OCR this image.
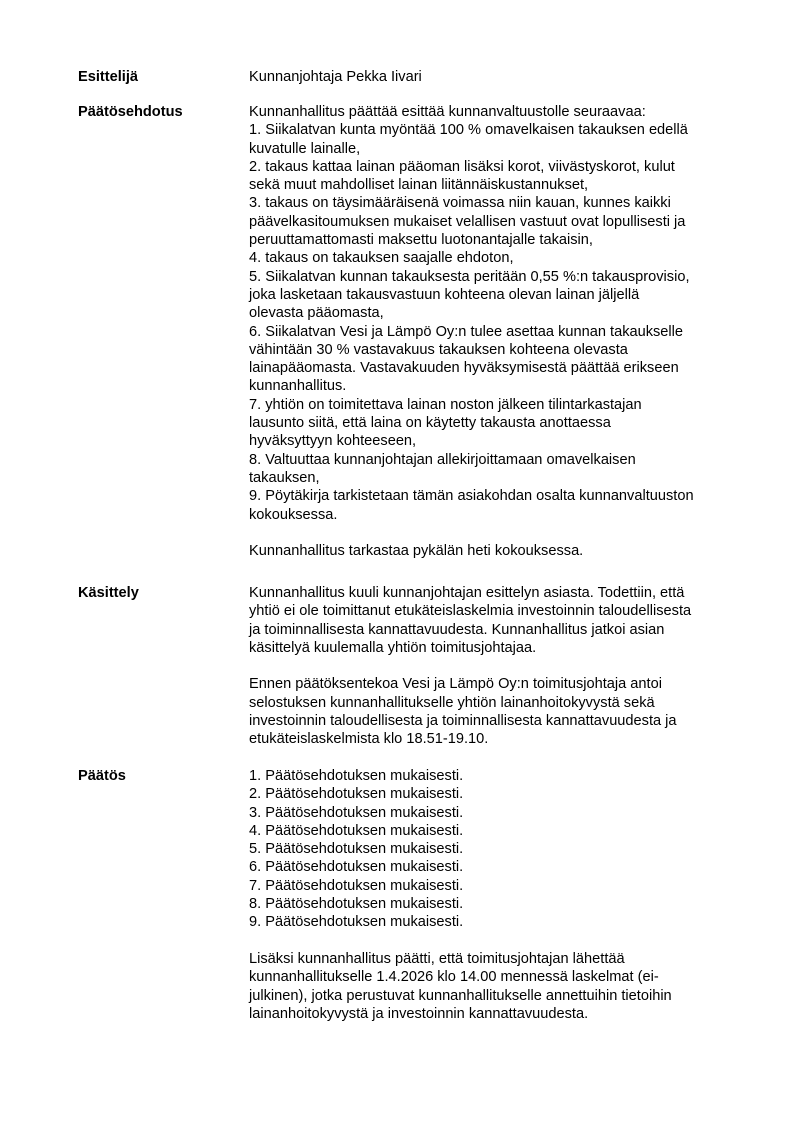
Esittelijä	Kunnanjohtaja Pekka Iivari
Päätösehdotus	Kunnanhallitus päättää esittää kunnanvaltuustolle seuraavaa:
1. Siikalatvan kunta myöntää 100 % omavelkaisen takauksen edellä
kuvatulle lainalle,
2. takaus kattaa lainan pääoman lisäksi korot, viivästyskorot, kulut
sekä muut mahdolliset lainan liitännäiskustannukset,
3. takaus on täysimääräisenä voimassa niin kauan, kunnes kaikki
päävelkasitoumuksen mukaiset velallisen vastuut ovat lopullisesti ja
peruuttamattomasti maksettu luotonantajalle takaisin,
4. takaus on takauksen saajalle ehdoton,
5. Siikalatvan kunnan takauksesta peritään 0,55 %:n takausprovisio,
joka lasketaan takausvastuun kohteena olevan lainan jäljellä
olevasta pääomasta,
6. Siikalatvan Vesi ja Lämpö Oy:n tulee asettaa kunnan takaukselle
vähintään 30 % vastavakuus takauksen kohteena olevasta
lainapääomasta. Vastavakuuden hyväksymisestä päättää erikseen
kunnanhallitus.
7. yhtiön on toimitettava lainan noston jälkeen tilintarkastajan
lausunto siitä, että laina on käytetty takausta anottaessa
hyväksyttyyn kohteeseen,
8. Valtuuttaa kunnanjohtajan allekirjoittamaan omavelkaisen
takauksen,
9. Pöytäkirja tarkistetaan tämän asiakohdan osalta kunnanvaltuuston
kokouksessa.
Kunnanhallitus tarkastaa pykälän heti kokouksessa.
Käsittely	Kunnanhallitus kuuli kunnanjohtajan esittelyn asiasta. Todettiin, että
yhtiö ei ole toimittanut etukäteislaskelmia investoinnin taloudellisesta
ja toiminnallisesta kannattavuudesta. Kunnanhallitus jatkoi asian
käsittelyä kuulemalla yhtiön toimitusjohtajaa.
Ennen päätöksentekoa Vesi ja Lämpö Oy:n toimitusjohtaja antoi
selostuksen kunnanhallitukselle yhtiön lainanhoitokyvystä sekä
investoinnin taloudellisesta ja toiminnallisesta kannattavuudesta ja
etukäteislaskelmista klo 18.51-19.10.
Päätös	1. Päätösehdotuksen mukaisesti.
2. Päätösehdotuksen mukaisesti.
3. Päätösehdotuksen mukaisesti.
4. Päätösehdotuksen mukaisesti.
5. Päätösehdotuksen mukaisesti.
6. Päätösehdotuksen mukaisesti.
7. Päätösehdotuksen mukaisesti.
8. Päätösehdotuksen mukaisesti.
9. Päätösehdotuksen mukaisesti.
Lisäksi kunnanhallitus päätti, että toimitusjohtajan lähettää
kunnanhallitukselle 1.4.2026 klo 14.00 mennessä laskelmat (ei-
julkinen), jotka perustuvat kunnanhallitukselle annettuihin tietoihin
lainanhoitokyvystä ja investoinnin kannattavuudesta.
